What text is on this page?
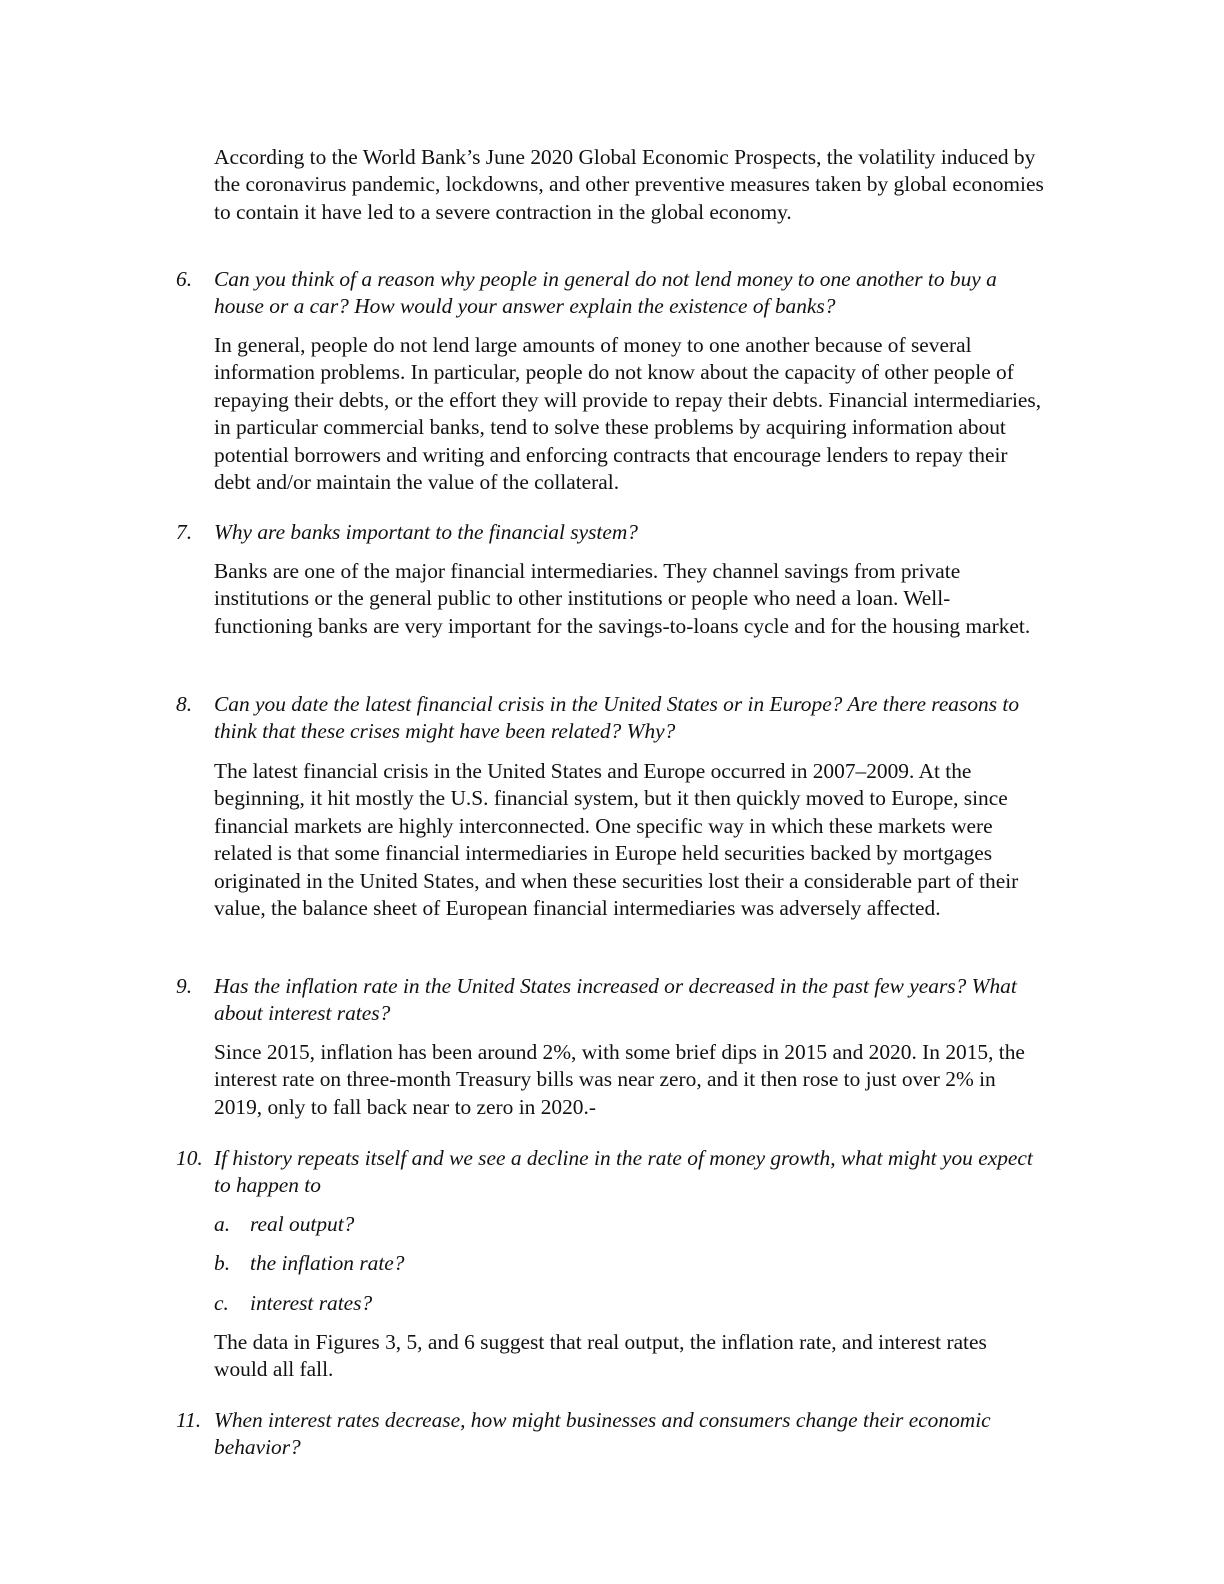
According to the World Bank’s June 2020 Global Economic Prospects, the volatility induced by the coronavirus pandemic, lockdowns, and other preventive measures taken by global economies to contain it have led to a severe contraction in the global economy.
6. Can you think of a reason why people in general do not lend money to one another to buy a house or a car? How would your answer explain the existence of banks?
In general, people do not lend large amounts of money to one another because of several information problems. In particular, people do not know about the capacity of other people of repaying their debts, or the effort they will provide to repay their debts. Financial intermediaries, in particular commercial banks, tend to solve these problems by acquiring information about potential borrowers and writing and enforcing contracts that encourage lenders to repay their debt and/or maintain the value of the collateral.
7. Why are banks important to the financial system?
Banks are one of the major financial intermediaries. They channel savings from private institutions or the general public to other institutions or people who need a loan. Well-functioning banks are very important for the savings-to-loans cycle and for the housing market.
8. Can you date the latest financial crisis in the United States or in Europe? Are there reasons to think that these crises might have been related? Why?
The latest financial crisis in the United States and Europe occurred in 2007–2009. At the beginning, it hit mostly the U.S. financial system, but it then quickly moved to Europe, since financial markets are highly interconnected. One specific way in which these markets were related is that some financial intermediaries in Europe held securities backed by mortgages originated in the United States, and when these securities lost their a considerable part of their value, the balance sheet of European financial intermediaries was adversely affected.
9. Has the inflation rate in the United States increased or decreased in the past few years? What about interest rates?
Since 2015, inflation has been around 2%, with some brief dips in 2015 and 2020. In 2015, the interest rate on three-month Treasury bills was near zero, and it then rose to just over 2% in 2019, only to fall back near to zero in 2020.-
10. If history repeats itself and we see a decline in the rate of money growth, what might you expect to happen to
a. real output?
b. the inflation rate?
c. interest rates?
The data in Figures 3, 5, and 6 suggest that real output, the inflation rate, and interest rates would all fall.
11. When interest rates decrease, how might businesses and consumers change their economic behavior?
